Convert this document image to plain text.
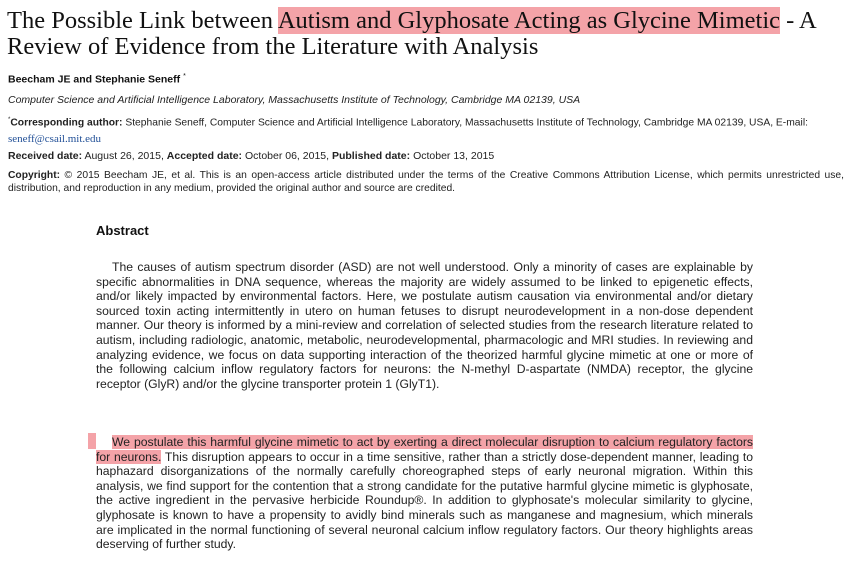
The Possible Link between Autism and Glyphosate Acting as Glycine Mimetic - A Review of Evidence from the Literature with Analysis
Beecham JE and Stephanie Seneff *
Computer Science and Artificial Intelligence Laboratory, Massachusetts Institute of Technology, Cambridge MA 02139, USA
*Corresponding author: Stephanie Seneff, Computer Science and Artificial Intelligence Laboratory, Massachusetts Institute of Technology, Cambridge MA 02139, USA, E-mail: seneff@csail.mit.edu
Received date: August 26, 2015, Accepted date: October 06, 2015, Published date: October 13, 2015
Copyright: © 2015 Beecham JE, et al. This is an open-access article distributed under the terms of the Creative Commons Attribution License, which permits unrestricted use, distribution, and reproduction in any medium, provided the original author and source are credited.
Abstract
The causes of autism spectrum disorder (ASD) are not well understood. Only a minority of cases are explainable by specific abnormalities in DNA sequence, whereas the majority are widely assumed to be linked to epigenetic effects, and/or likely impacted by environmental factors. Here, we postulate autism causation via environmental and/or dietary sourced toxin acting intermittently in utero on human fetuses to disrupt neurodevelopment in a non-dose dependent manner. Our theory is informed by a mini-review and correlation of selected studies from the research literature related to autism, including radiologic, anatomic, metabolic, neurodevelopmental, pharmacologic and MRI studies. In reviewing and analyzing evidence, we focus on data supporting interaction of the theorized harmful glycine mimetic at one or more of the following calcium inflow regulatory factors for neurons: the N-methyl D-aspartate (NMDA) receptor, the glycine receptor (GlyR) and/or the glycine transporter protein 1 (GlyT1).
We postulate this harmful glycine mimetic to act by exerting a direct molecular disruption to calcium regulatory factors for neurons. This disruption appears to occur in a time sensitive, rather than a strictly dose-dependent manner, leading to haphazard disorganizations of the normally carefully choreographed steps of early neuronal migration. Within this analysis, we find support for the contention that a strong candidate for the putative harmful glycine mimetic is glyphosate, the active ingredient in the pervasive herbicide Roundup®. In addition to glyphosate's molecular similarity to glycine, glyphosate is known to have a propensity to avidly bind minerals such as manganese and magnesium, which minerals are implicated in the normal functioning of several neuronal calcium inflow regulatory factors. Our theory highlights areas deserving of further study.
